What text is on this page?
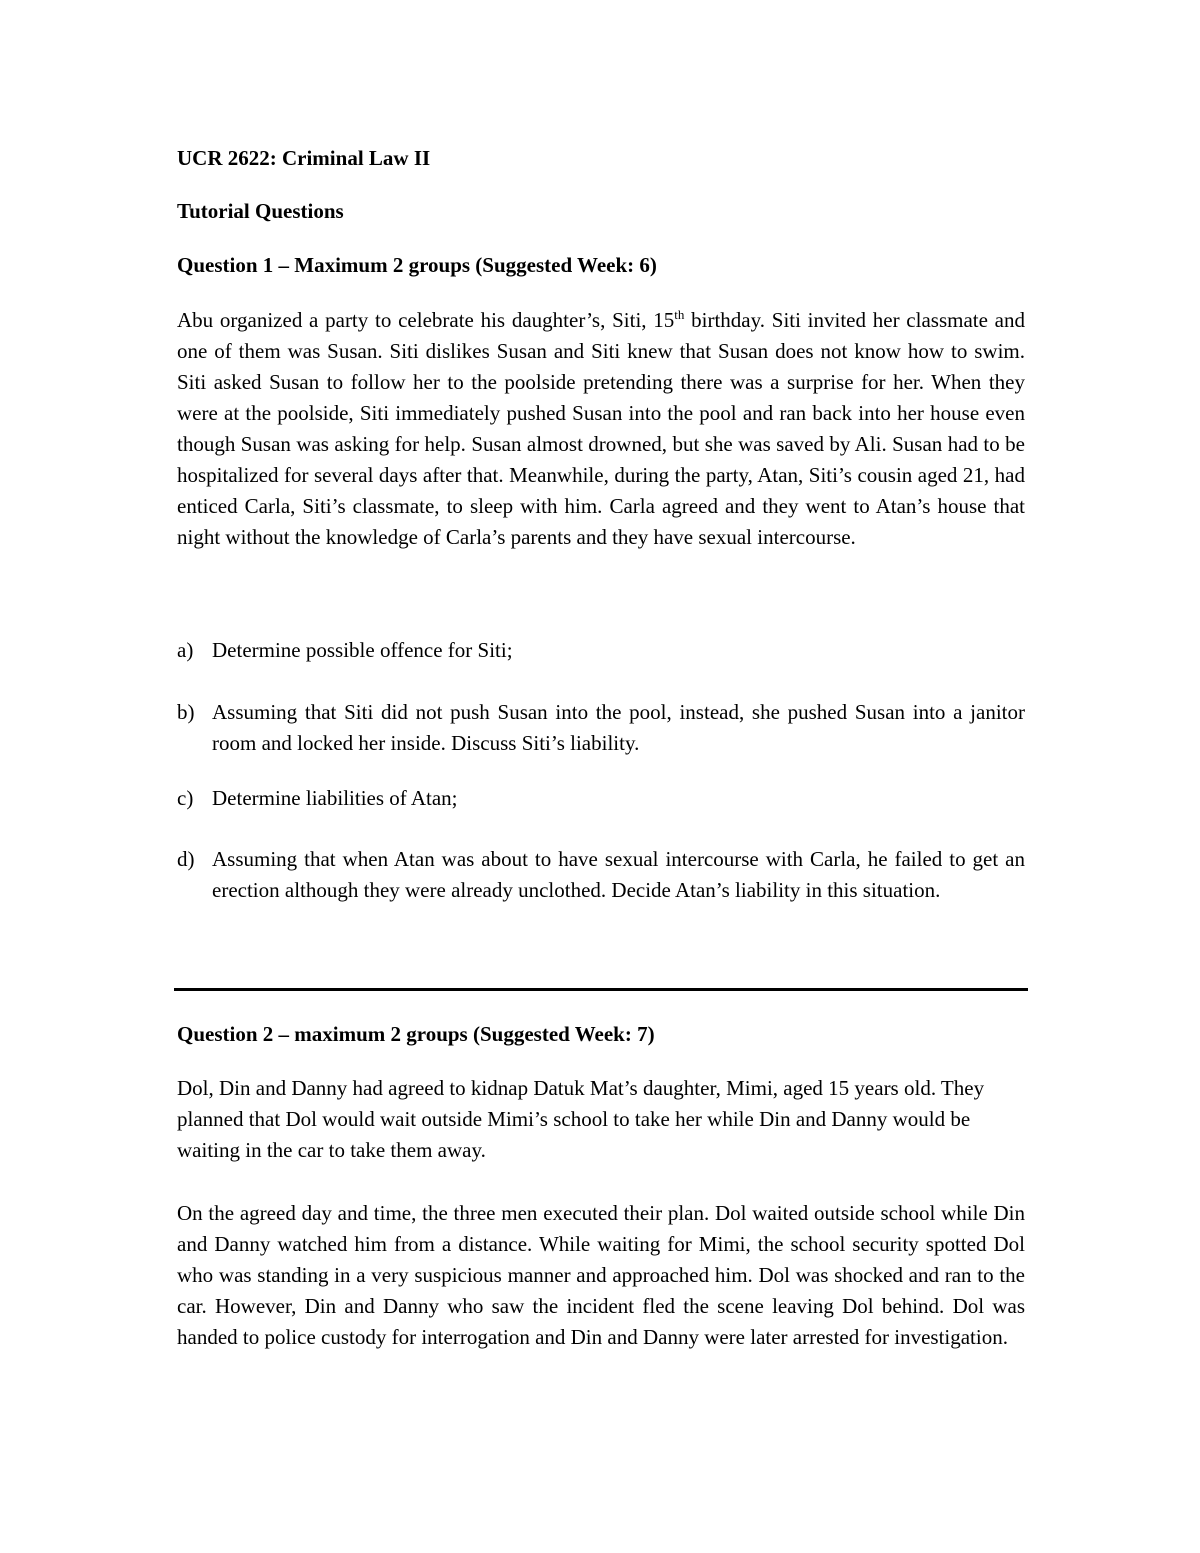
UCR 2622: Criminal Law II
Tutorial Questions
Question 1 – Maximum 2 groups (Suggested Week: 6)
Abu organized a party to celebrate his daughter’s, Siti, 15th birthday. Siti invited her classmate and one of them was Susan. Siti dislikes Susan and Siti knew that Susan does not know how to swim. Siti asked Susan to follow her to the poolside pretending there was a surprise for her. When they were at the poolside, Siti immediately pushed Susan into the pool and ran back into her house even though Susan was asking for help. Susan almost drowned, but she was saved by Ali. Susan had to be hospitalized for several days after that. Meanwhile, during the party, Atan, Siti’s cousin aged 21, had enticed Carla, Siti’s classmate, to sleep with him. Carla agreed and they went to Atan’s house that night without the knowledge of Carla’s parents and they have sexual intercourse.
a) Determine possible offence for Siti;
b) Assuming that Siti did not push Susan into the pool, instead, she pushed Susan into a janitor room and locked her inside. Discuss Siti’s liability.
c) Determine liabilities of Atan;
d) Assuming that when Atan was about to have sexual intercourse with Carla, he failed to get an erection although they were already unclothed. Decide Atan’s liability in this situation.
Question 2 – maximum 2 groups (Suggested Week: 7)
Dol, Din and Danny had agreed to kidnap Datuk Mat’s daughter, Mimi, aged 15 years old. They planned that Dol would wait outside Mimi’s school to take her while Din and Danny would be waiting in the car to take them away.
On the agreed day and time, the three men executed their plan. Dol waited outside school while Din and Danny watched him from a distance. While waiting for Mimi, the school security spotted Dol who was standing in a very suspicious manner and approached him. Dol was shocked and ran to the car. However, Din and Danny who saw the incident fled the scene leaving Dol behind. Dol was handed to police custody for interrogation and Din and Danny were later arrested for investigation.
